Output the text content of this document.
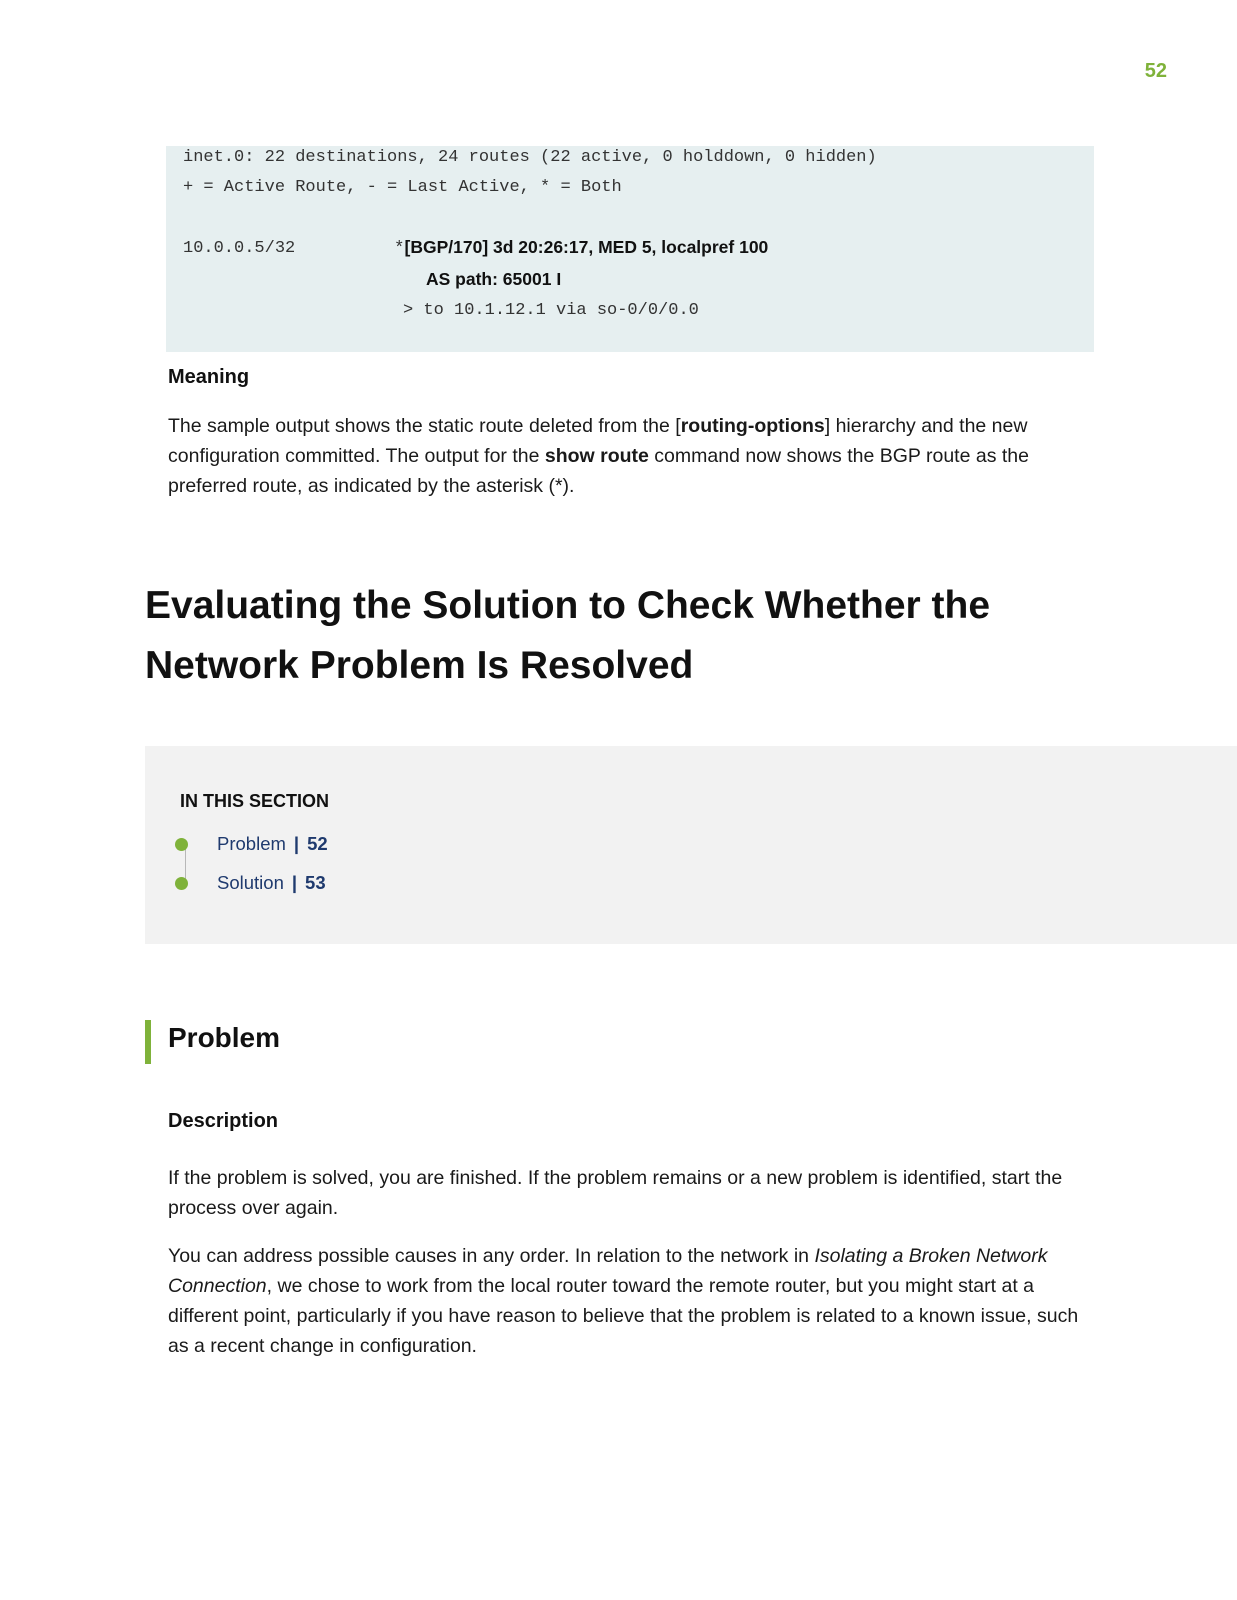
52
inet.0: 22 destinations, 24 routes (22 active, 0 holddown, 0 hidden)
+ = Active Route, - = Last Active, * = Both
10.0.0.5/32	*[BGP/170] 3d 20:26:17, MED 5, localpref 100
AS path: 65001 I
> to 10.1.12.1 via so-0/0/0.0
Meaning
The sample output shows the static route deleted from the [routing-options] hierarchy and the new configuration committed. The output for the show route command now shows the BGP route as the preferred route, as indicated by the asterisk (*).
Evaluating the Solution to Check Whether the Network Problem Is Resolved
IN THIS SECTION
Problem | 52
Solution | 53
Problem
Description
If the problem is solved, you are finished. If the problem remains or a new problem is identified, start the process over again.
You can address possible causes in any order. In relation to the network in Isolating a Broken Network Connection, we chose to work from the local router toward the remote router, but you might start at a different point, particularly if you have reason to believe that the problem is related to a known issue, such as a recent change in configuration.
